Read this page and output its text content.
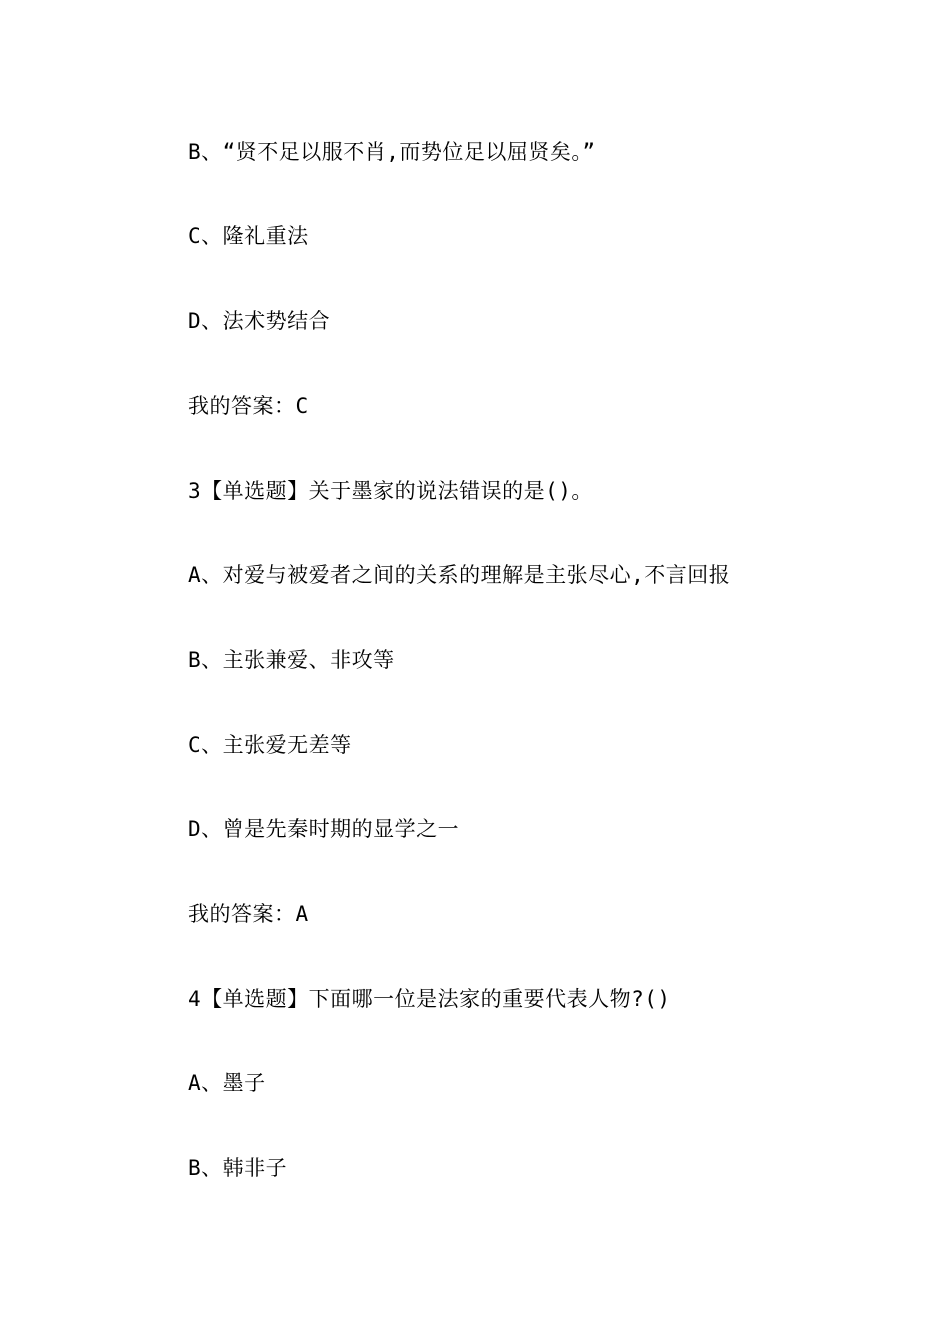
B、“贤不足以服不肖,而势位足以屈贤矣。”
C、隆礼重法
D、法术势结合
我的答案：C
3【单选题】关于墨家的说法错误的是()。
A、对爱与被爱者之间的关系的理解是主张尽心,不言回报
B、主张兼爱、非攻等
C、主张爱无差等
D、曾是先秦时期的显学之一
我的答案：A
4【单选题】下面哪一位是法家的重要代表人物?()
A、墨子
B、韩非子
